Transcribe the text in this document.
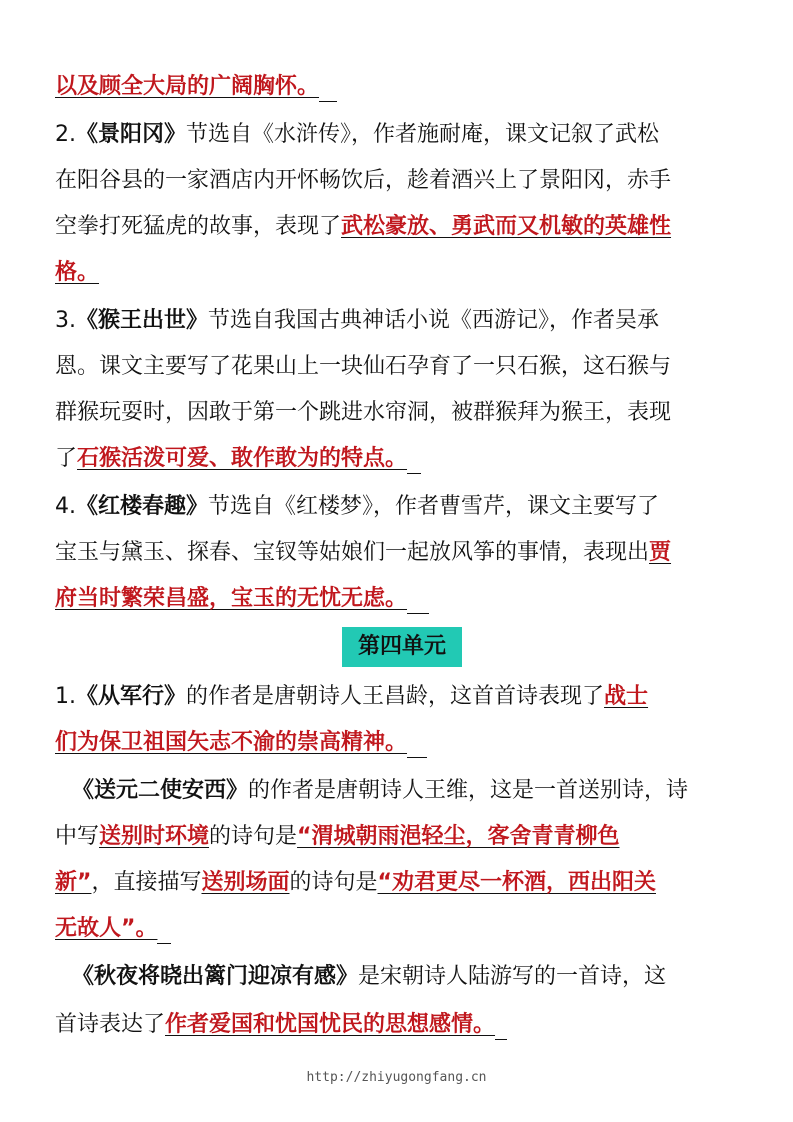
以及顾全大局的广阔胸怀。
2.《景阳冈》节选自《水浒传》，作者施耐庵，课文记叙了武松
在阳谷县的一家酒店内开怀畅饮后，趁着酒兴上了景阳冈，赤手
空拳打死猛虎的故事，表现了武松豪放、勇武而又机敏的英雄性
格。
3.《猴王出世》节选自我国古典神话小说《西游记》，作者吴承
恩。课文主要写了花果山上一块仙石孕育了一只石猴，这石猴与
群猴玩耍时，因敢于第一个跳进水帘洞，被群猴拜为猴王，表现
了石猴活泼可爱、敢作敢为的特点。
4.《红楼春趣》节选自《红楼梦》，作者曹雪芹，课文主要写了
宝玉与黛玉、探春、宝钗等姑娘们一起放风筝的事情，表现出贾
府当时繁荣昌盛，宝玉的无忧无虑。
第四单元
1.《从军行》的作者是唐朝诗人王昌龄，这首首诗表现了战士
们为保卫祖国矢志不渝的崇高精神。
《送元二使安西》的作者是唐朝诗人王维，这是一首送别诗，诗
中写送别时环境的诗句是“渭城朝雨浥轻尘，客舍青青柳色
新”，直接描写送别场面的诗句是“劝君更尽一杯酒，西出阳关
无故人”。
《秋夜将晓出篱门迎凉有感》是宋朝诗人陆游写的一首诗，这
首诗表达了作者爱国和忧国忧民的思想感情。
http://zhiyugongfang.cn
